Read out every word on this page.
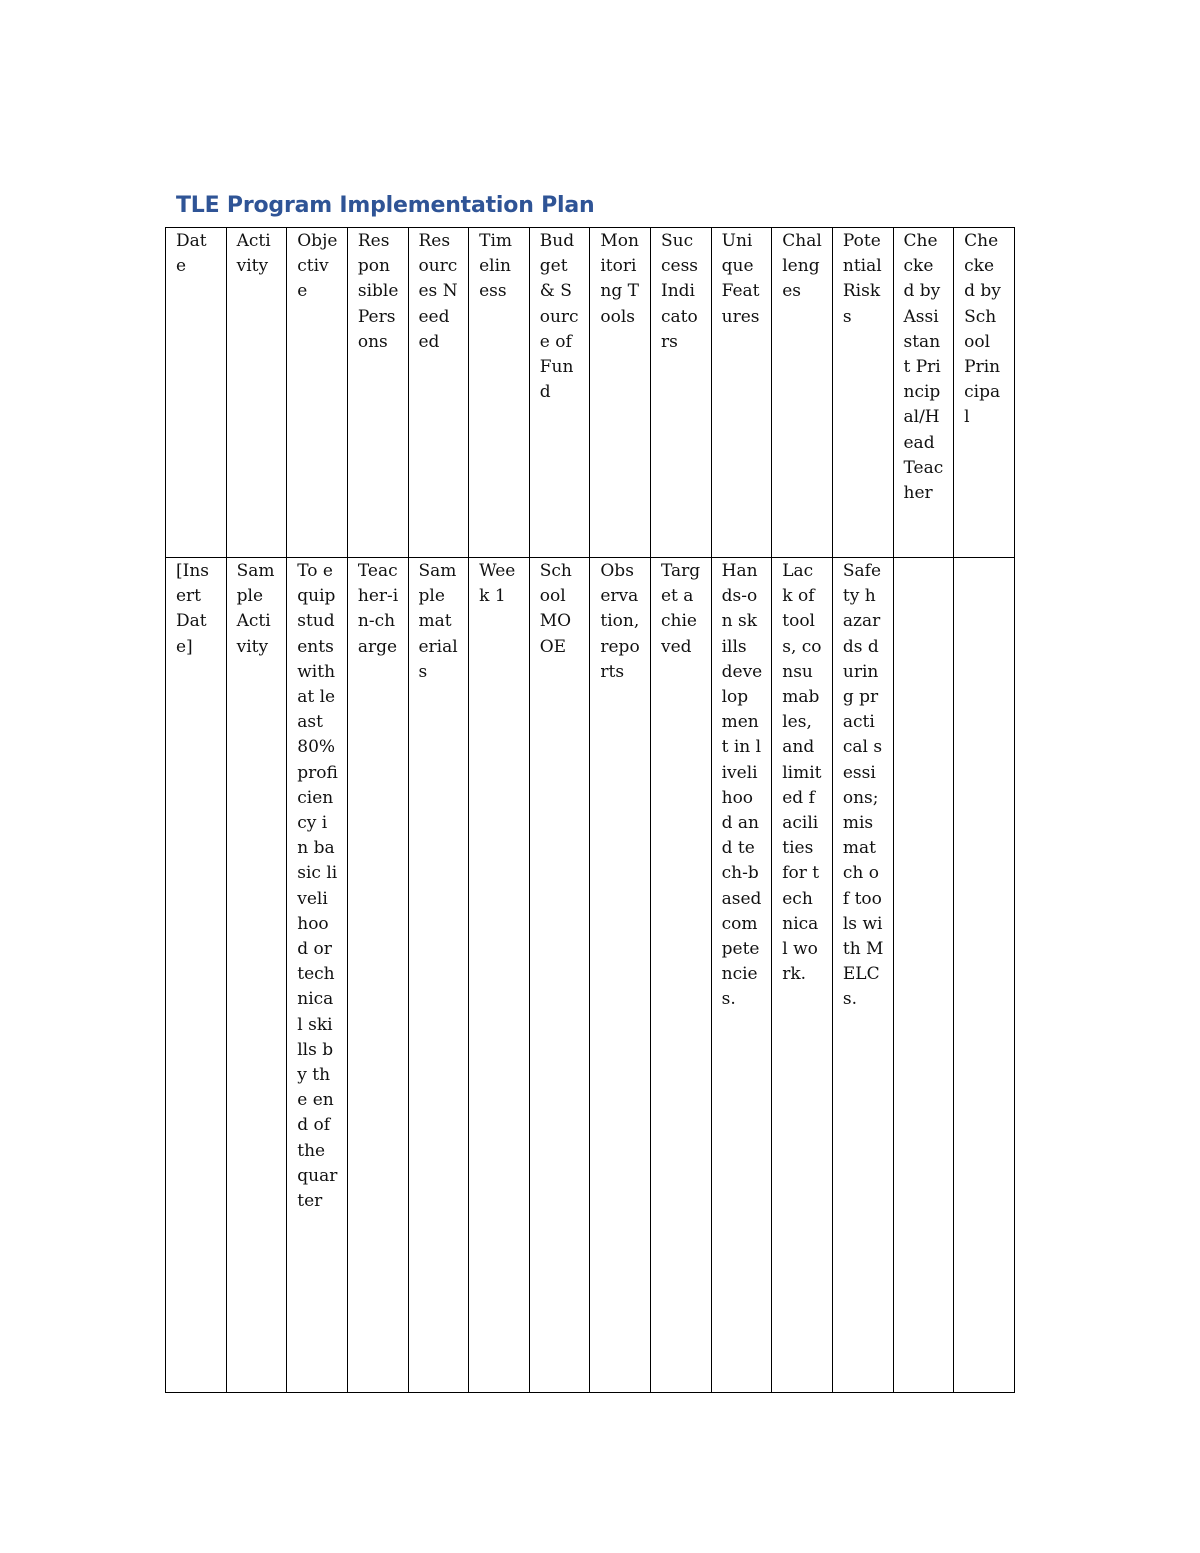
TLE Program Implementation Plan
Date	Activity	Objective	Responsible Persons	Resources Needed	Timeliness	Budget & Source of Fund	Monitoring Tools	Success Indicators	Unique Features	Challenges	Potential Risks	Checked by Assistant Principal/Head Teacher	Checked by School Principal
[Insert Date]	Sample Activity	To equip students with at least 80% proficiency in basic livelihood or technical skills by the end of the quarter	Teacher-in-charge	Sample materials	Week 1	School MOOE	Observation, reports	Target achieved	Hands-on skills development in livelihood and tech-based competencies.	Lack of tools, consumables, and limited facilities for technical work.	Safety hazards during practical sessions; mismatch of tools with MELCs.		
